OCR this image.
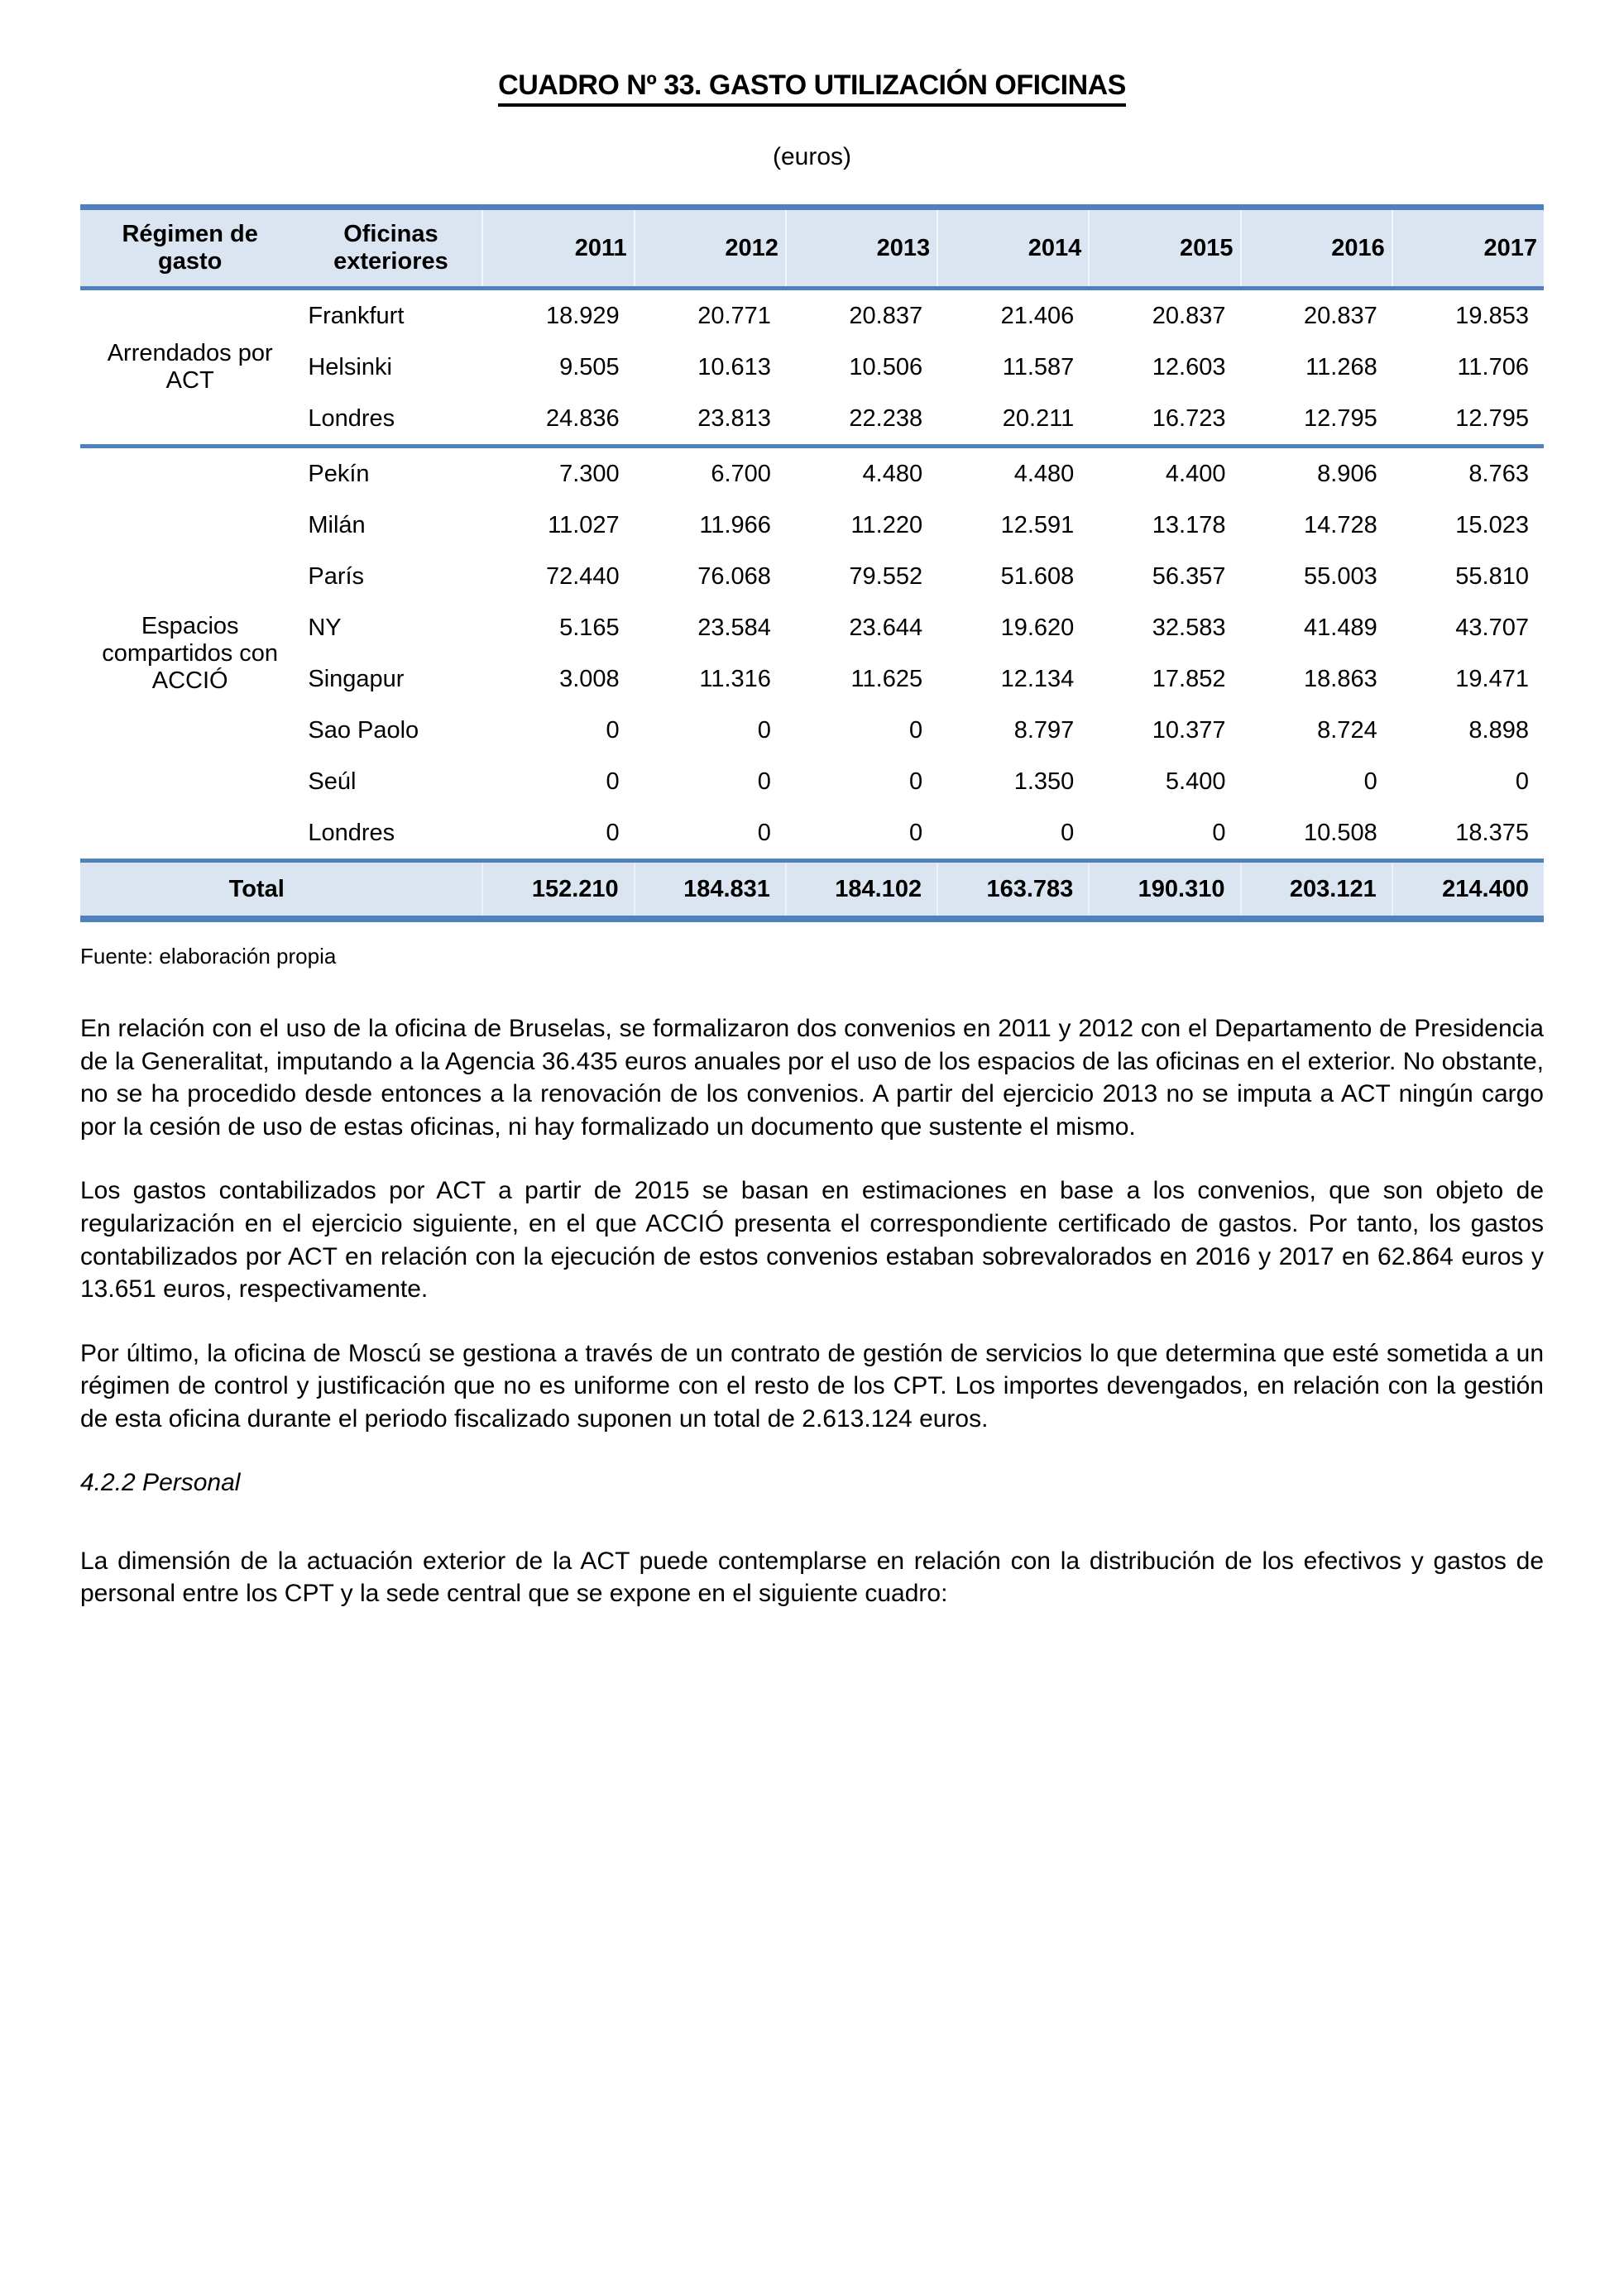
CUADRO Nº 33. GASTO UTILIZACIÓN OFICINAS
(euros)
Régimen de gasto	Oficinas exteriores	2011	2012	2013	2014	2015	2016	2017
Arrendados por ACT	Frankfurt	18.929	20.771	20.837	21.406	20.837	20.837	19.853
	Helsinki	9.505	10.613	10.506	11.587	12.603	11.268	11.706
	Londres	24.836	23.813	22.238	20.211	16.723	12.795	12.795
Espacios compartidos con ACCIÓ	Pekín	7.300	6.700	4.480	4.480	4.400	8.906	8.763
	Milán	11.027	11.966	11.220	12.591	13.178	14.728	15.023
	París	72.440	76.068	79.552	51.608	56.357	55.003	55.810
	NY	5.165	23.584	23.644	19.620	32.583	41.489	43.707
	Singapur	3.008	11.316	11.625	12.134	17.852	18.863	19.471
	Sao Paolo	0	0	0	8.797	10.377	8.724	8.898
	Seúl	0	0	0	1.350	5.400	0	0
	Londres	0	0	0	0	0	10.508	18.375
Total		152.210	184.831	184.102	163.783	190.310	203.121	214.400
Fuente: elaboración propia

En relación con el uso de la oficina de Bruselas, se formalizaron dos convenios en 2011 y 2012 con el Departamento de Presidencia de la Generalitat, imputando a la Agencia 36.435 euros anuales por el uso de los espacios de las oficinas en el exterior. No obstante, no se ha procedido desde entonces a la renovación de los convenios. A partir del ejercicio 2013 no se imputa a ACT ningún cargo por la cesión de uso de estas oficinas, ni hay formalizado un documento que sustente el mismo.

Los gastos contabilizados por ACT a partir de 2015 se basan en estimaciones en base a los convenios, que son objeto de regularización en el ejercicio siguiente, en el que ACCIÓ presenta el correspondiente certificado de gastos. Por tanto, los gastos contabilizados por ACT en relación con la ejecución de estos convenios estaban sobrevalorados en 2016 y 2017 en 62.864 euros y 13.651 euros, respectivamente.

Por último, la oficina de Moscú se gestiona a través de un contrato de gestión de servicios lo que determina que esté sometida a un régimen de control y justificación que no es uniforme con el resto de los CPT. Los importes devengados, en relación con la gestión de esta oficina durante el periodo fiscalizado suponen un total de 2.613.124 euros.

4.2.2 Personal

La dimensión de la actuación exterior de la ACT puede contemplarse en relación con la distribución de los efectivos y gastos de personal entre los CPT y la sede central que se expone en el siguiente cuadro:
